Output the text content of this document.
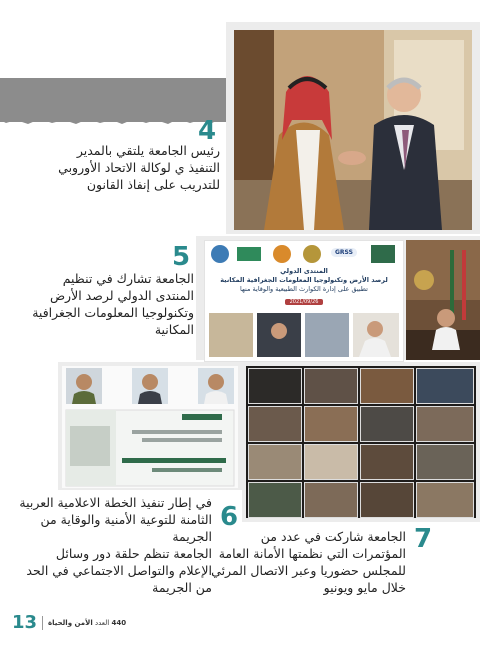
4
رئيس الجامعة يلتقي بالمدير
التنفيذ ي لوكالة الاتحاد الأوروبي
للتدريب على إنفاذ القانون
GRSS
المنتدى الدولي
لرصد الأرض وتكنولوجيا المعلومات الجغرافية المكانية
تطبيق على إدارة الكوارث الطبيعية والوقاية منها
2021/09/26
5
الجامعة تشارك في تنظيم
المنتدى الدولي لرصد الأرض
وتكنولوجيا المعلومات الجغرافية
المكانية
6
في إطار تنفيذ الخطة الاعلامية العربية
الثامنة للتوعية الأمنية والوقاية من الجريمة
الجامعة تنظم حلقة دور وسائل
الإعلام والتواصل الاجتماعي في الحد
من الجريمة
7
الجامعة شاركت في عدد من
المؤتمرات التي نظمتها الأمانة العامة
للمجلس حضوريا وعبر الاتصال المرئي
خلال مايو ويونيو
13	440 العدد الأمن والحياة
